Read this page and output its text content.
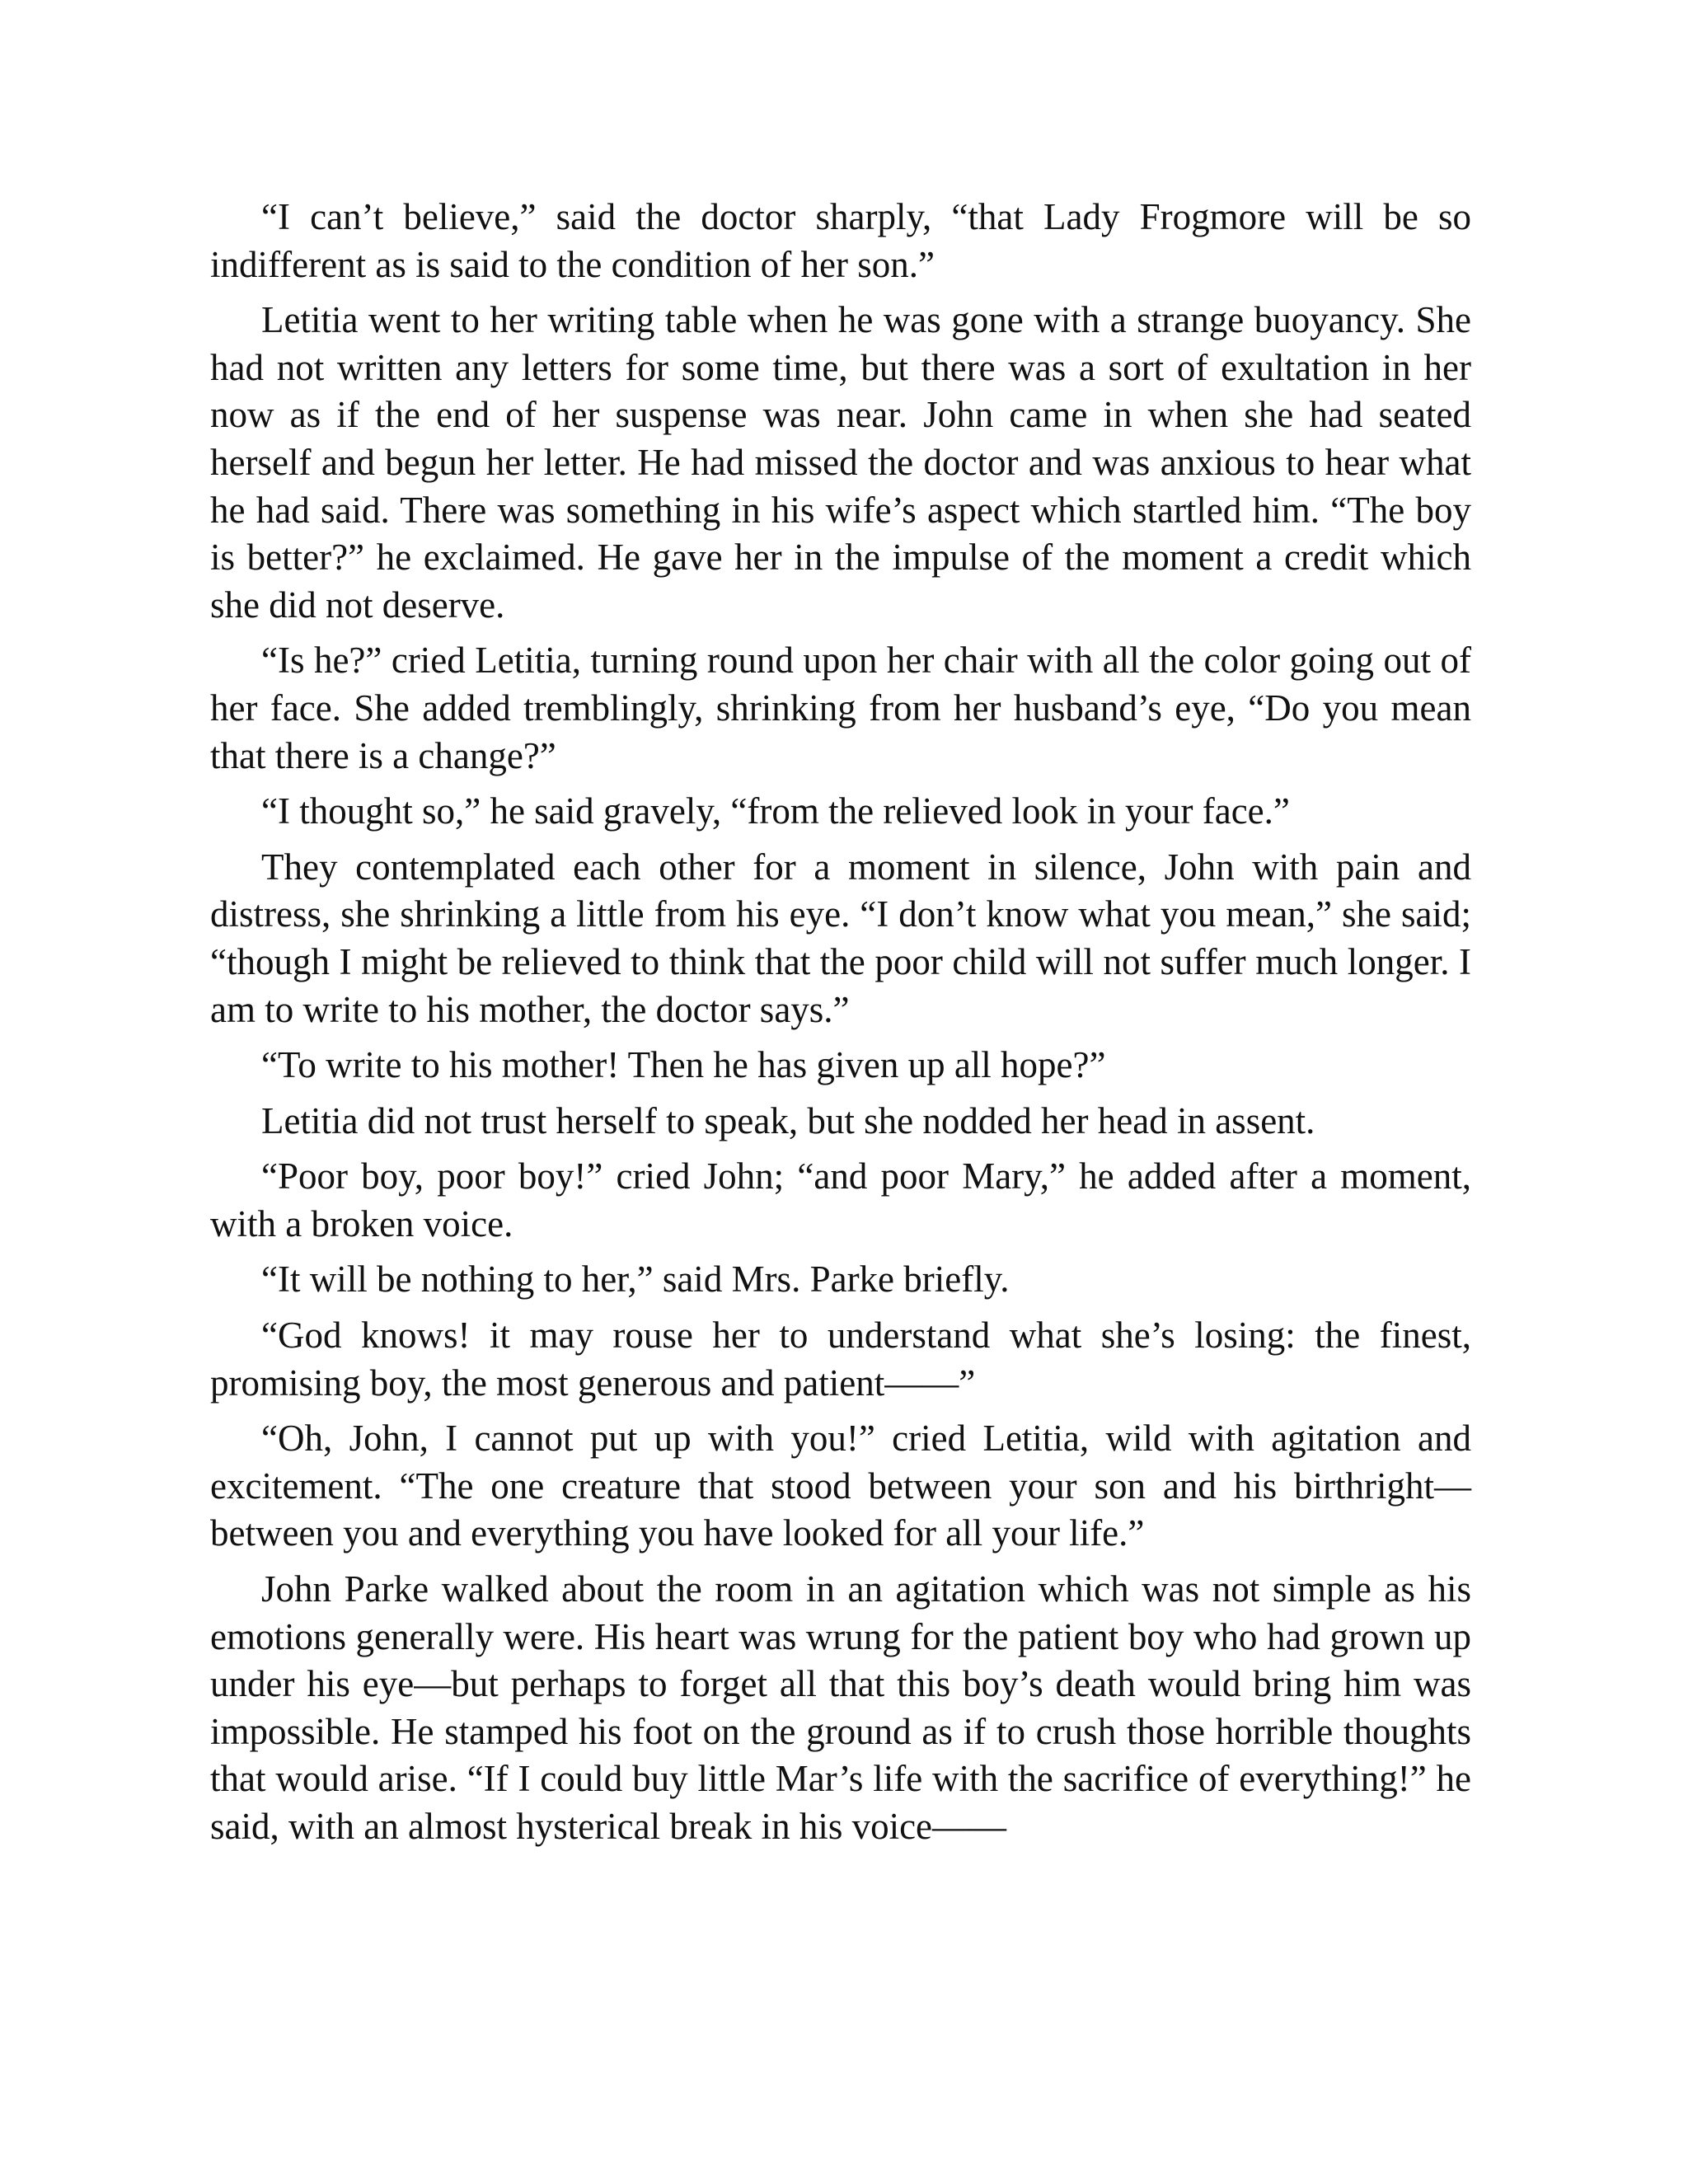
“I can’t believe,” said the doctor sharply, “that Lady Frogmore will be so indifferent as is said to the condition of her son.”

Letitia went to her writing table when he was gone with a strange buoyancy. She had not written any letters for some time, but there was a sort of exultation in her now as if the end of her suspense was near. John came in when she had seated herself and begun her letter. He had missed the doctor and was anxious to hear what he had said. There was something in his wife’s aspect which startled him. “The boy is better?” he exclaimed. He gave her in the impulse of the moment a credit which she did not deserve.

“Is he?” cried Letitia, turning round upon her chair with all the color going out of her face. She added tremblingly, shrinking from her husband’s eye, “Do you mean that there is a change?”

“I thought so,” he said gravely, “from the relieved look in your face.”

They contemplated each other for a moment in silence, John with pain and distress, she shrinking a little from his eye. “I don’t know what you mean,” she said; “though I might be relieved to think that the poor child will not suffer much longer. I am to write to his mother, the doctor says.”

“To write to his mother! Then he has given up all hope?”

Letitia did not trust herself to speak, but she nodded her head in assent.

“Poor boy, poor boy!” cried John; “and poor Mary,” he added after a moment, with a broken voice.

“It will be nothing to her,” said Mrs. Parke briefly.

“God knows! it may rouse her to understand what she’s losing: the finest, promising boy, the most generous and patient——”

“Oh, John, I cannot put up with you!” cried Letitia, wild with agitation and excitement. “The one creature that stood between your son and his birthright—between you and everything you have looked for all your life.”

John Parke walked about the room in an agitation which was not simple as his emotions generally were. His heart was wrung for the patient boy who had grown up under his eye—but perhaps to forget all that this boy’s death would bring him was impossible. He stamped his foot on the ground as if to crush those horrible thoughts that would arise. “If I could buy little Mar’s life with the sacrifice of everything!” he said, with an almost hysterical break in his voice——
